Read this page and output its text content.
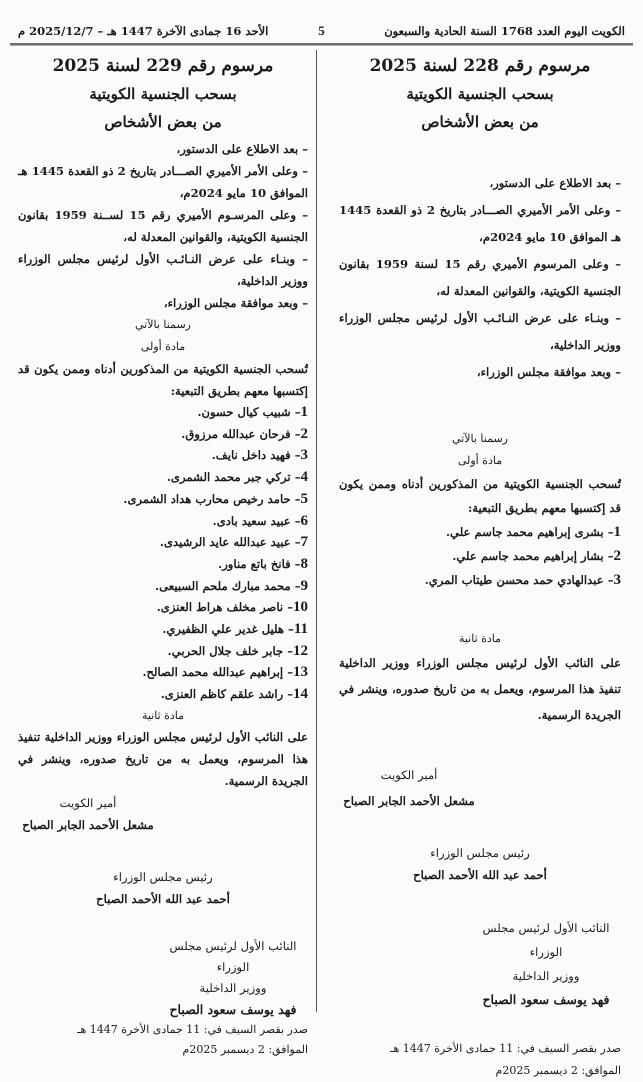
الكويت اليوم العدد 1768 السنة الحادية والسبعون
5
الأحد 16 جمادى الآخرة 1447 هـ – 2025/12/7 م
مرسوم رقم 228 لسنة 2025
بسحب الجنسية الكويتية
من بعض الأشخاص

– بعد الاطلاع على الدستور،

– وعلى الأمر الأميري الصـــادر بتاريخ 2 ذو القعدة 1445 هـ الموافق 10 مايو 2024م،

– وعلى المرسوم الأميري رقم 15 لسنة 1959 بقانون الجنسية الكويتية، والقوانين المعدلة له،

– وبنـاء على عرض النـائـب الأول لرئيس مجلس الوزراء ووزير الداخلية،

– وبعد موافقة مجلس الوزراء،

رسمنا بالآتي
مادة أولى
تُسحب الجنسية الكويتية من المذكورين أدناه وممن يكون قد إكتسبها معهم بطريق التبعية:
1– بشرى إبراهيم محمد جاسم علي.
2– بشار إبراهيم محمد جاسم علي.
3– عبدالهادي حمد محسن طيتاب المري.
مادة ثانية
على النائب الأول لرئيس مجلس الوزراء ووزير الداخلية تنفيذ هذا المرسوم، ويعمل به من تاريخ صدوره، وينشر في الجريدة الرسمية.
أمير الكويت
مشعل الأحمد الجابر الصباح
رئيس مجلس الوزراء
أحمد عبد الله الأحمد الصباح
النائب الأول لرئيس مجلس الوزراء
ووزير الداخلية
فهد يوسف سعود الصباح
صدر بقصر السيف في: 11 جمادى الأخرة 1447 هـ
الموافق: 2 ديسمبر 2025م
مرسوم رقم 229 لسنة 2025
بسحب الجنسية الكويتية
من بعض الأشخاص

– بعد الاطلاع على الدستور،

– وعلى الأمر الأميري الصـــادر بتاريخ 2 ذو القعدة 1445 هـ الموافق 10 مايو 2024م،

– وعلى المرسـوم الأميري رقم 15 لســنة 1959 بقانون الجنسية الكويتية، والقوانين المعدلة له،

– وبنـاء على عرض النـائـب الأول لرئيس مجلس الوزراء ووزير الداخلية،

– وبعد موافقة مجلس الوزراء،

رسمنا بالآتي
مادة أولى
تُسحب الجنسية الكويتية من المذكورين أدناه وممن يكون قد إكتسبها معهم بطريق التبعية:
1– شبيب كيال حسون.
2– فرحان عبدالله مرزوق.
3– فهيد داخل نايف.
4– تركي جبر محمد الشمرى.
5– حامد رخيص محارب هداد الشمرى.
6– عبيد سعيد بادى.
7– عبيد عبدالله عايد الرشيدى.
8– فانخ باتع مناور.
9– محمد مبارك ملحم السبيعى.
10– ناصر مخلف هراط العنزى.
11– هليل غدير علي الظفيري.
12– جابر خلف جلال الحربي.
13– إبراهيم عبدالله محمد الصالح.
14– راشد علقم كاظم العنزى.
مادة ثانية
على النائب الأول لرئيس مجلس الوزراء ووزير الداخلية تنفيذ هذا المرسوم، ويعمل به من تاريخ صدوره، وينشر في الجريدة الرسمية.
أمير الكويت
مشعل الأحمد الجابر الصباح
رئيس مجلس الوزراء
أحمد عبد الله الأحمد الصباح
النائب الأول لرئيس مجلس الوزراء
ووزير الداخلية
فهد يوسف سعود الصباح
صدر بقصر السيف في: 11 جمادى الأخرة 1447 هـ
الموافق: 2 ديسمبر 2025م
